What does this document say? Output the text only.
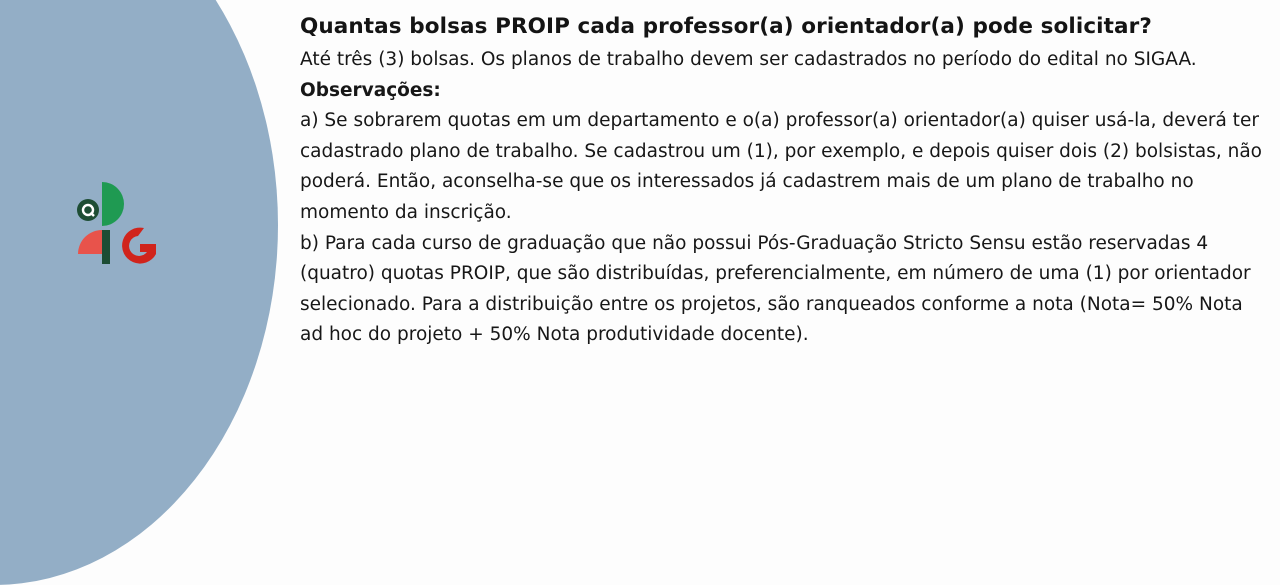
Quantas bolsas PROIP cada professor(a) orientador(a) pode solicitar?

Até três (3) bolsas. Os planos de trabalho devem ser cadastrados no período do edital no SIGAA.

Observações:

a) Se sobrarem quotas em um departamento e o(a) professor(a) orientador(a) quiser usá-la, deverá ter cadastrado plano de trabalho. Se cadastrou um (1), por exemplo, e depois quiser dois (2) bolsistas, não poderá. Então, aconselha-se que os interessados já cadastrem mais de um plano de trabalho no momento da inscrição.

b) Para cada curso de graduação que não possui Pós-Graduação Stricto Sensu estão reservadas 4 (quatro) quotas PROIP, que são distribuídas, preferencialmente, em número de uma (1) por orientador selecionado. Para a distribuição entre os projetos, são ranqueados conforme a nota (Nota= 50% Nota ad hoc do projeto + 50% Nota produtividade docente).
